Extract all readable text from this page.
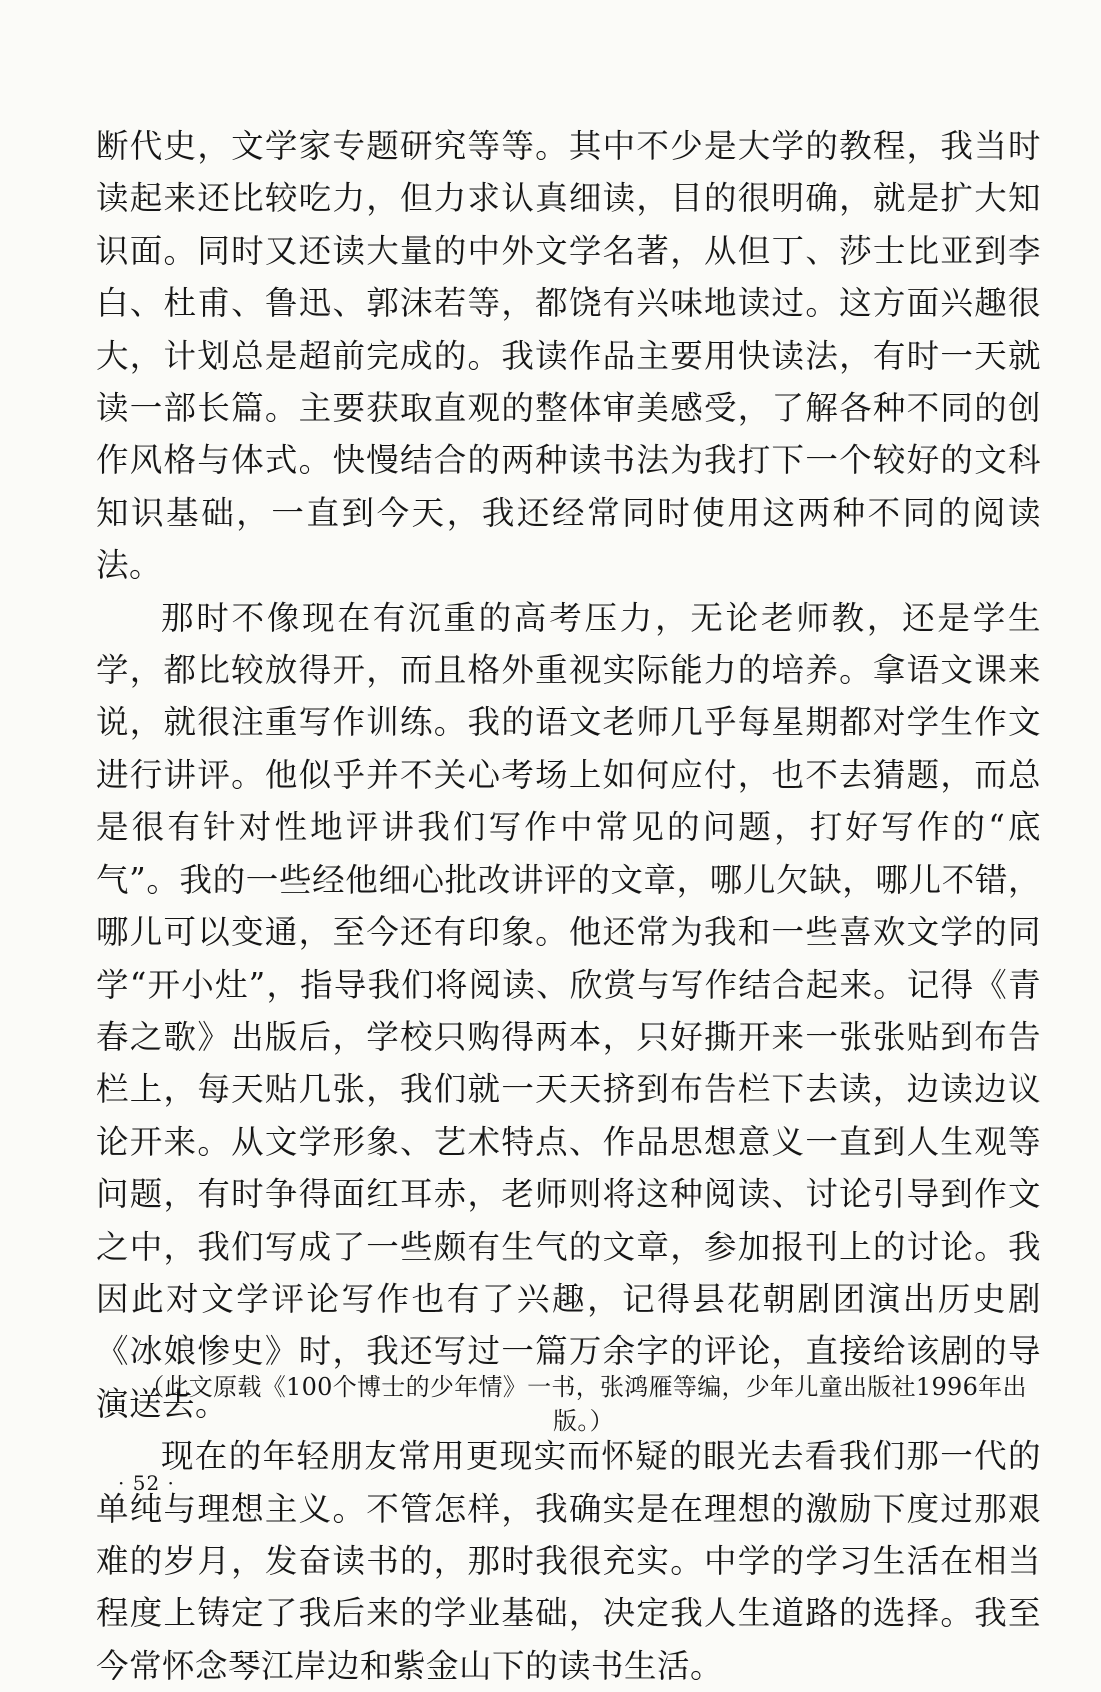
断代史，文学家专题研究等等。其中不少是大学的教程，我当时读起来还比较吃力，但力求认真细读，目的很明确，就是扩大知识面。同时又还读大量的中外文学名著，从但丁、莎士比亚到李白、杜甫、鲁迅、郭沫若等，都饶有兴味地读过。这方面兴趣很大，计划总是超前完成的。我读作品主要用快读法，有时一天就读一部长篇。主要获取直观的整体审美感受，了解各种不同的创作风格与体式。快慢结合的两种读书法为我打下一个较好的文科知识基础，一直到今天，我还经常同时使用这两种不同的阅读法。

那时不像现在有沉重的高考压力，无论老师教，还是学生学，都比较放得开，而且格外重视实际能力的培养。拿语文课来说，就很注重写作训练。我的语文老师几乎每星期都对学生作文进行讲评。他似乎并不关心考场上如何应付，也不去猜题，而总是很有针对性地评讲我们写作中常见的问题，打好写作的“底气”。我的一些经他细心批改讲评的文章，哪儿欠缺，哪儿不错，哪儿可以变通，至今还有印象。他还常为我和一些喜欢文学的同学“开小灶”，指导我们将阅读、欣赏与写作结合起来。记得《青春之歌》出版后，学校只购得两本，只好撕开来一张张贴到布告栏上，每天贴几张，我们就一天天挤到布告栏下去读，边读边议论开来。从文学形象、艺术特点、作品思想意义一直到人生观等问题，有时争得面红耳赤，老师则将这种阅读、讨论引导到作文之中，我们写成了一些颇有生气的文章，参加报刊上的讨论。我因此对文学评论写作也有了兴趣，记得县花朝剧团演出历史剧《冰娘惨史》时，我还写过一篇万余字的评论，直接给该剧的导演送去。

现在的年轻朋友常用更现实而怀疑的眼光去看我们那一代的单纯与理想主义。不管怎样，我确实是在理想的激励下度过那艰难的岁月，发奋读书的，那时我很充实。中学的学习生活在相当程度上铸定了我后来的学业基础，决定我人生道路的选择。我至今常怀念琴江岸边和紫金山下的读书生活。

（此文原载《100个博士的少年情》一书，张鸿雁等编，少年儿童出版社1996年出版。）
· 52 ·
